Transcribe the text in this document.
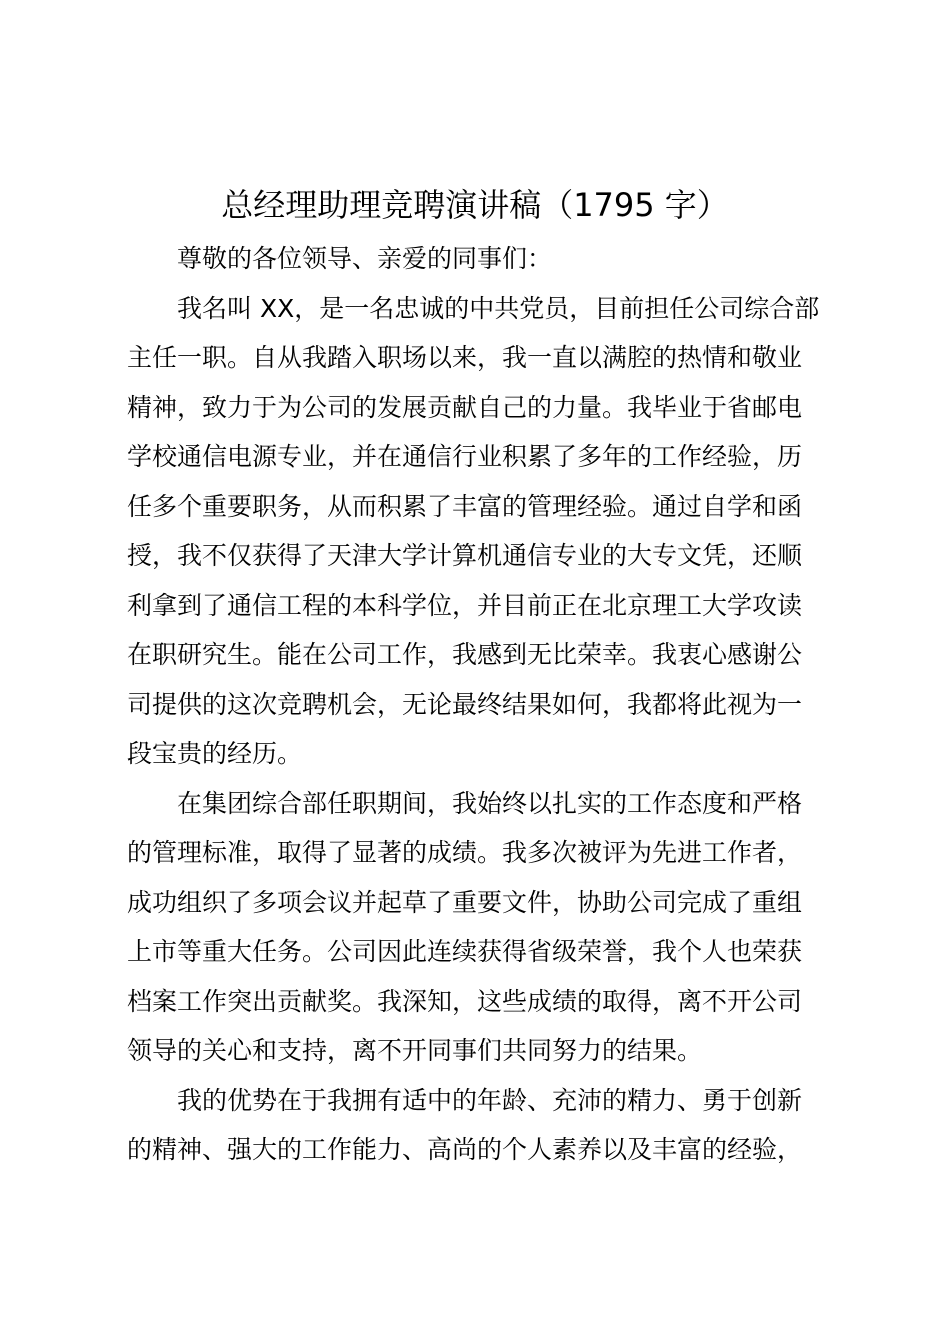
总经理助理竞聘演讲稿（1795 字）
尊敬的各位领导、亲爱的同事们：
我名叫 XX，是一名忠诚的中共党员，目前担任公司综合部
主任一职。自从我踏入职场以来，我一直以满腔的热情和敬业
精神，致力于为公司的发展贡献自己的力量。我毕业于省邮电
学校通信电源专业，并在通信行业积累了多年的工作经验，历
任多个重要职务，从而积累了丰富的管理经验。通过自学和函
授，我不仅获得了天津大学计算机通信专业的大专文凭，还顺
利拿到了通信工程的本科学位，并目前正在北京理工大学攻读
在职研究生。能在公司工作，我感到无比荣幸。我衷心感谢公
司提供的这次竞聘机会，无论最终结果如何，我都将此视为一
段宝贵的经历。
在集团综合部任职期间，我始终以扎实的工作态度和严格
的管理标准，取得了显著的成绩。我多次被评为先进工作者，
成功组织了多项会议并起草了重要文件，协助公司完成了重组
上市等重大任务。公司因此连续获得省级荣誉，我个人也荣获
档案工作突出贡献奖。我深知，这些成绩的取得，离不开公司
领导的关心和支持，离不开同事们共同努力的结果。
我的优势在于我拥有适中的年龄、充沛的精力、勇于创新
的精神、强大的工作能力、高尚的个人素养以及丰富的经验，
